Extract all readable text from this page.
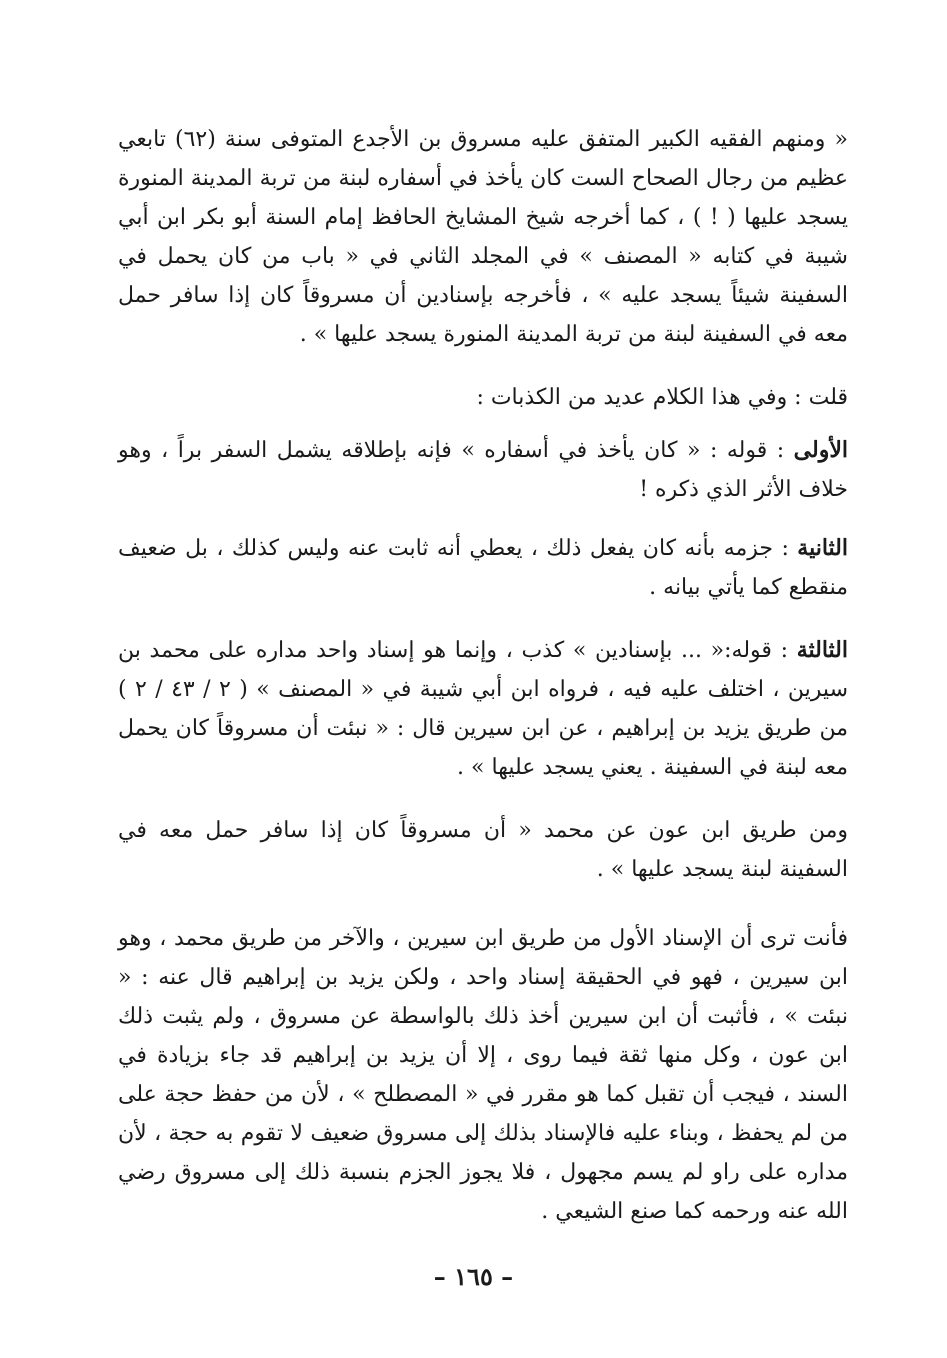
« ومنهم الفقيه الكبير المتفق عليه مسروق بن الأجدع المتوفى سنة (٦٢) تابعي عظيم من رجال الصحاح الست كان يأخذ في أسفاره لبنة من تربة المدينة المنورة يسجد عليها ( ! ) ، كما أخرجه شيخ المشايخ الحافظ إمام السنة أبو بكر ابن أبي شيبة في كتابه « المصنف » في المجلد الثاني في « باب من كان يحمل في السفينة شيئاً يسجد عليه » ، فأخرجه بإسنادين أن مسروقاً كان إذا سافر حمل معه في السفينة لبنة من تربة المدينة المنورة يسجد عليها » .

قلت : وفي هذا الكلام عديد من الكذبات :

الأولى : قوله : « كان يأخذ في أسفاره » فإنه بإطلاقه يشمل السفر براً ، وهو خلاف الأثر الذي ذكره !

الثانية : جزمه بأنه كان يفعل ذلك ، يعطي أنه ثابت عنه وليس كذلك ، بل ضعيف منقطع كما يأتي بيانه .

الثالثة : قوله:« ... بإسنادين » كذب ، وإنما هو إسناد واحد مداره على محمد بن سيرين ، اختلف عليه فيه ، فرواه ابن أبي شيبة في « المصنف » ( ٢ / ٤٣ / ٢ ) من طريق يزيد بن إبراهيم ، عن ابن سيرين قال : « نبئت أن مسروقاً كان يحمل معه لبنة في السفينة . يعني يسجد عليها » .

ومن طريق ابن عون عن محمد « أن مسروقاً كان إذا سافر حمل معه في السفينة لبنة يسجد عليها » .

فأنت ترى أن الإسناد الأول من طريق ابن سيرين ، والآخر من طريق محمد ، وهو ابن سيرين ، فهو في الحقيقة إسناد واحد ، ولكن يزيد بن إبراهيم قال عنه : « نبئت » ، فأثبت أن ابن سيرين أخذ ذلك بالواسطة عن مسروق ، ولم يثبت ذلك ابن عون ، وكل منها ثقة فيما روى ، إلا أن يزيد بن إبراهيم قد جاء بزيادة في السند ، فيجب أن تقبل كما هو مقرر في « المصطلح » ، لأن من حفظ حجة على من لم يحفظ ، وبناء عليه فالإسناد بذلك إلى مسروق ضعيف لا تقوم به حجة ، لأن مداره على راو لم يسم مجهول ، فلا يجوز الجزم بنسبة ذلك إلى مسروق رضي الله عنه ورحمه كما صنع الشيعي .

– ١٦٥ –
